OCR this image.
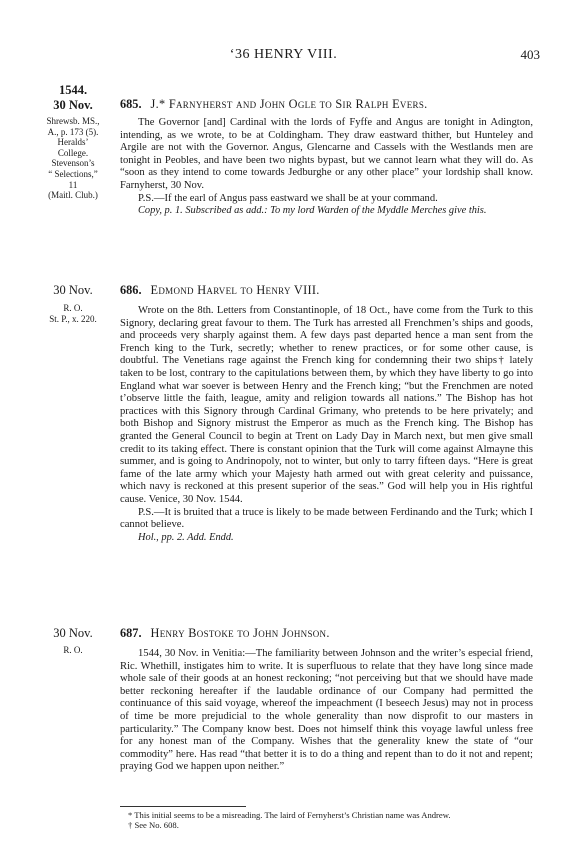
‘36 HENRY VIII.	403
1544.
30 Nov.
Shrewsb. MS.,
A., p. 173 (5).
Heralds’
College.
Stevenson’s
“ Selections,”
11
(Maitl. Club.)
685. J.* Farnyherst and John Ogle to Sir Ralph Evers.

The Governor [and] Cardinal with the lords of Fyffe and Angus are tonight in Adington, intending, as we wrote, to be at Coldingham. They draw eastward thither, but Hunteley and Argile are not with the Governor. Angus, Glencarne and Cassels with the Westlands men are tonight in Peobles, and have been two nights bypast, but we cannot learn what they will do. As “soon as they intend to come towards Jedburghe or any other place” your lordship shall know. Farnyherst, 30 Nov.

P.S.—If the earl of Angus pass eastward we shall be at your command.

Copy, p. 1. Subscribed as add.: To my lord Warden of the Myddle Merches give this.

30 Nov.
R. O.
St. P., x. 220.
686. Edmond Harvel to Henry VIII.

Wrote on the 8th. Letters from Constantinople, of 18 Oct., have come from the Turk to this Signory, declaring great favour to them. The Turk has arrested all Frenchmen’s ships and goods, and proceeds very sharply against them. A few days past departed hence a man sent from the French king to the Turk, secretly; whether to renew practices, or for some other cause, is doubtful. The Venetians rage against the French king for condemning their two ships† lately taken to be lost, contrary to the capitulations between them, by which they have liberty to go into England what war soever is between Henry and the French king; “but the Frenchmen are noted t’observe little the faith, league, amity and religion towards all nations.” The Bishop has hot practices with this Signory through Cardinal Grimany, who pretends to be here privately; and both Bishop and Signory mistrust the Emperor as much as the French king. The Bishop has granted the General Council to begin at Trent on Lady Day in March next, but men give small credit to its taking effect. There is constant opinion that the Turk will come against Almayne this summer, and is going to Andrinopoly, not to winter, but only to tarry fifteen days. “Here is great fame of the late army which your Majesty hath armed out with great celerity and puissance, which navy is reckoned at this present superior of the seas.” God will help you in His rightful cause. Venice, 30 Nov. 1544.

P.S.—It is bruited that a truce is likely to be made between Ferdinando and the Turk; which I cannot believe.

Hol., pp. 2. Add. Endd.

30 Nov.
R. O.
687. Henry Bostoke to John Johnson.

1544, 30 Nov. in Venitia:—The familiarity between Johnson and the writer’s especial friend, Ric. Whethill, instigates him to write. It is superfluous to relate that they have long since made whole sale of their goods at an honest reckoning; “not perceiving but that we should have made better reckoning hereafter if the laudable ordinance of our Company had permitted the continuance of this said voyage, whereof the impeachment (I beseech Jesus) may not in process of time be more prejudicial to the whole generality than now disprofit to our masters in particularity.” The Company know best. Does not himself think this voyage lawful unless free for any honest man of the Company. Wishes that the generality knew the state of “our commodity” here. Has read “that better it is to do a thing and repent than to do it not and repent; praying God we happen upon neither.”

* This initial seems to be a misreading. The laird of Fernyherst’s Christian name was Andrew.

† See No. 608.
